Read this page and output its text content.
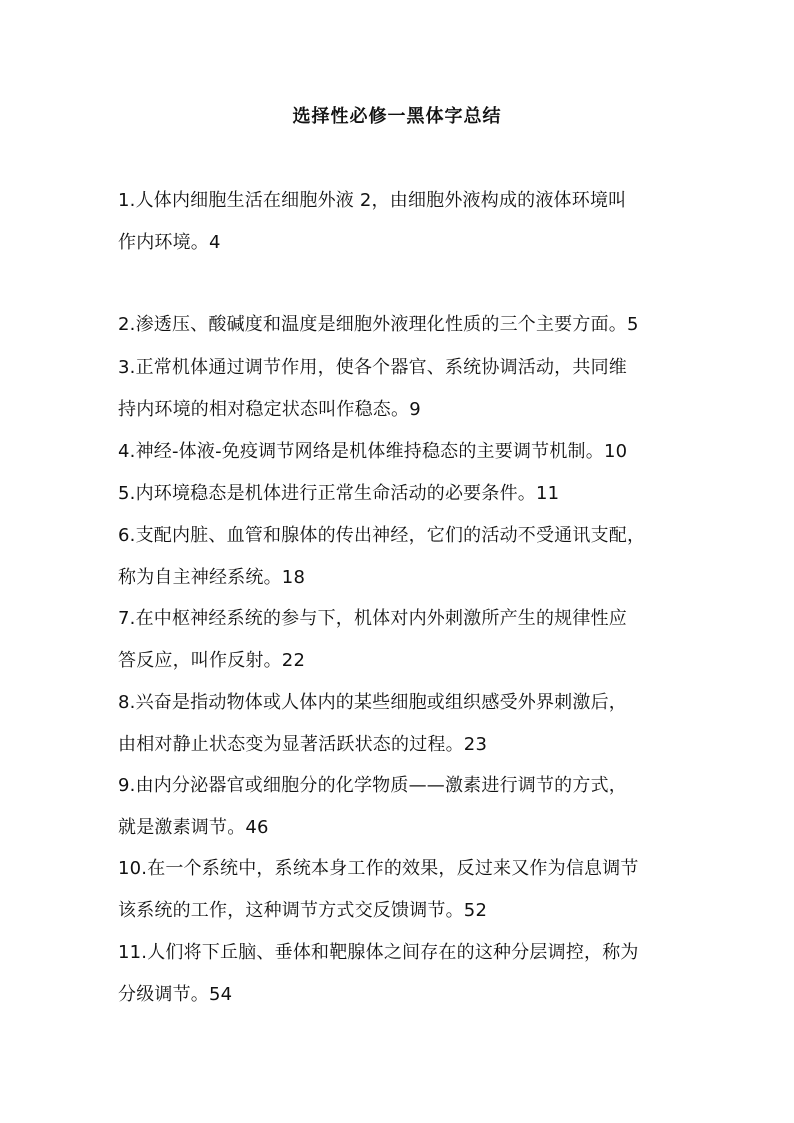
选择性必修一黑体字总结
1.人体内细胞生活在细胞外液 2，由细胞外液构成的液体环境叫
作内环境。4
2.渗透压、酸碱度和温度是细胞外液理化性质的三个主要方面。5
3.正常机体通过调节作用，使各个器官、系统协调活动，共同维
持内环境的相对稳定状态叫作稳态。9
4.神经-体液-免疫调节网络是机体维持稳态的主要调节机制。10
5.内环境稳态是机体进行正常生命活动的必要条件。11
6.支配内脏、血管和腺体的传出神经，它们的活动不受通讯支配，
称为自主神经系统。18
7.在中枢神经系统的参与下，机体对内外刺激所产生的规律性应
答反应，叫作反射。22
8.兴奋是指动物体或人体内的某些细胞或组织感受外界刺激后，
由相对静止状态变为显著活跃状态的过程。23
9.由内分泌器官或细胞分的化学物质——激素进行调节的方式，
就是激素调节。46
10.在一个系统中，系统本身工作的效果，反过来又作为信息调节
该系统的工作，这种调节方式交反馈调节。52
11.人们将下丘脑、垂体和靶腺体之间存在的这种分层调控，称为
分级调节。54
